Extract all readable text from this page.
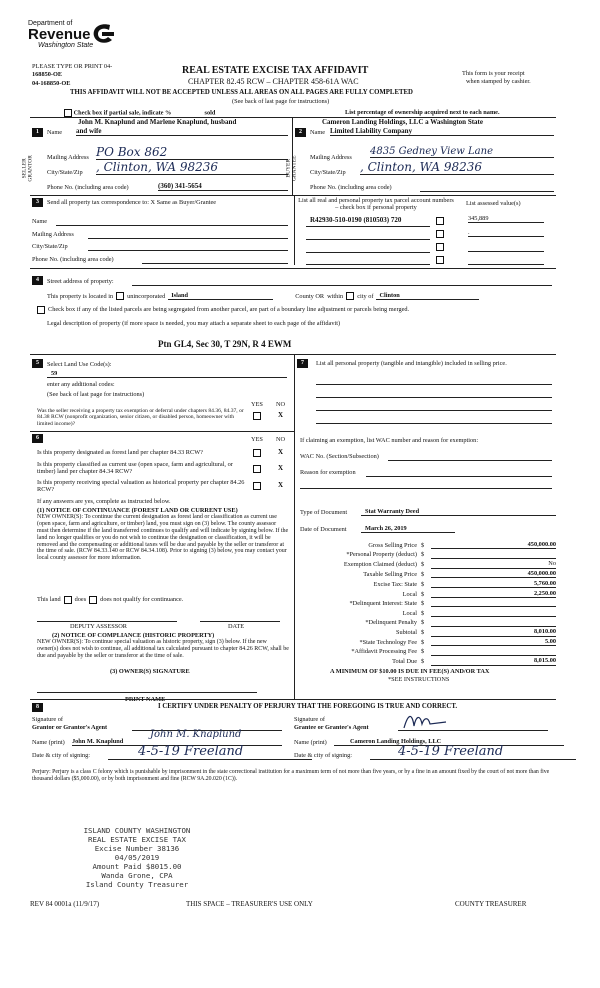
Department of
Revenue
Washington State
PLEASE TYPE OR PRINT 04-
168850-OE
04-168850-OE
REAL ESTATE EXCISE TAX AFFIDAVIT
CHAPTER 82.45 RCW – CHAPTER 458-61A WAC
This form is your receipt
when stamped by cashier.
THIS AFFIDAVIT WILL NOT BE ACCEPTED UNLESS ALL AREAS ON ALL PAGES ARE FULLY COMPLETED
(See back of last page for instructions)
Check box if partial sale, indicate %	sold	List percentage of ownership acquired next to each name.
John M. Knaplund and Marlene Knaplund, husband
1	Name and wife
SELLER GRANTOR Mailing Address PO Box 862
City/State/Zip , Clinton, WA 98236
Phone No. (including area code)	(360) 341-5654
Cameron Landing Holdings, LLC a Washington State
2	Name Limited Liability Company
BUYER GRANTEE Mailing Address
4835 Gedney View Lane
City/State/Zip , Clinton, WA 98236
Phone No. (including area code)
3	Send all property tax correspondence to: X Same as Buyer/Grantee	List all real and personal property tax parcel account numbers – check box if personal property
List assessed value(s)
Name
Mailing Address
City/State/Zip
Phone No. (including area code)
R42930-510-0190 (810503) 720	345,889
.
4	Street address of property:
This property is located in unincorporated Island	County OR within city of Clinton
Check box if any of the listed parcels are being segregated from another parcel, are part of a boundary line adjustment or parcels being merged.
Legal description of property (if more space is needed, you may attach a separate sheet to each page of the affidavit)
Ptn GL4, Sec 30, T 29N, R 4 EWM
5	Select Land Use Code(s):
59
enter any additional codes:
(See back of last page for instructions)
YES NO
Was the seller receiving a property tax exemption or deferral under chapters 84.36, 84.37, or 84.38 RCW (nonprofit organization, senior citizen, or disabled person, homeowner with limited income)?
X
6	YES NO
Is this property designated as forest land per chapter 84.33 RCW?	X
Is this property classified as current use (open space, farm and agricultural, or timber) land per chapter 84.34 RCW?	X
Is this property receiving special valuation as historical property per chapter 84.26 RCW?
X
If any answers are yes, complete as instructed below.
(1) NOTICE OF CONTINUANCE (FOREST LAND OR CURRENT USE)
NEW OWNER(S): To continue the current designation as forest land or classification as current use (open space, farm and agriculture, or timber) land, you must sign on (3) below. The county assessor must then determine if the land transferred continues to qualify and will indicate by signing below. If the land no longer qualifies or you do not wish to continue the designation or classification, it will be removed and the compensating or additional taxes will be due and payable by the seller or transferor at the time of sale. (RCW 84.33.140 or RCW 84.34.108). Prior to signing (3) below, you may contact your local county assessor for more information.
This land does does not qualify for continuance.
DEPUTY ASSESSOR	DATE
(2) NOTICE OF COMPLIANCE (HISTORIC PROPERTY)
NEW OWNER(S): To continue special valuation as historic property, sign (3) below. If the new owner(s) does not wish to continue, all additional tax calculated pursuant to chapter 84.26 RCW, shall be due and payable by the seller or transferor at the time of sale.
(3) OWNER(S) SIGNATURE
PRINT NAME
7	List all personal property (tangible and intangible) included in selling price.
If claiming an exemption, list WAC number and reason for exemption:
WAC No. (Section/Subsection)
Reason for exemption
Type of Document	Stat Warranty Deed
Date of Document	March 26, 2019
Gross Selling Price $	450,000.00
*Personal Property (deduct) $
Exemption Claimed (deduct) $	No
Taxable Selling Price $	450,000.00
Excise Tax: State $	5,760.00
Local $	2,250.00
*Delinquent Interest: State $
Local $
*Delinquent Penalty $
Subtotal $	8,010.00
*State Technology Fee $	5.00
*Affidavit Processing Fee $
Total Due $	8,015.00
A MINIMUM OF $10.00 IS DUE IN FEE(S) AND/OR TAX
*SEE INSTRUCTIONS
8	I CERTIFY UNDER PENALTY OF PERJURY THAT THE FOREGOING IS TRUE AND CORRECT.
Signature of
Grantor or Grantor's Agent
Signature of
Grantee or Grantee's Agent
Name (print) John M. Knaplund
John M. Knaplund
Name (print)	Cameron Landing Holdings, LLC
Date & city of signing:	4-5-19 Freeland	Date & city of signing:	4-5-19 Freeland
Perjury: Perjury is a class C felony which is punishable by imprisonment in the state correctional institution for a maximum term of not more than five years, or by a fine in an amount fixed by the court of not more than five thousand dollars ($5,000.00), or by both imprisonment and fine (RCW 9A.20.020 (1C)).
ISLAND COUNTY WASHINGTON
REAL ESTATE EXCISE TAX
Excise Number 38136
04/05/2019
Amount Paid $8015.00
Wanda Grone, CPA
Island County Treasurer
REV 84 0001a (11/9/17)	THIS SPACE – TREASURER'S USE ONLY	COUNTY TREASURER
